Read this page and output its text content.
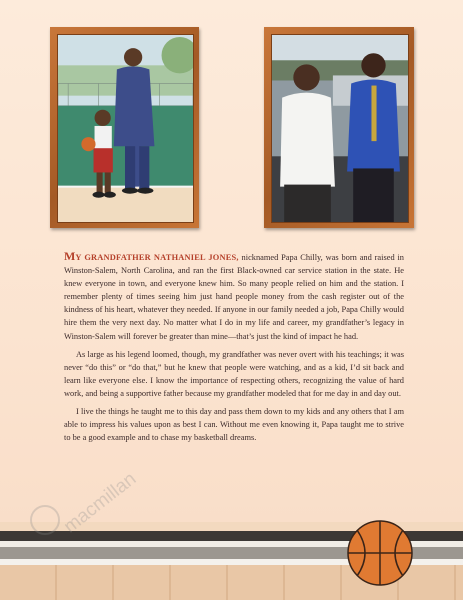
MY GRANDFATHER NATHANIEL JONES, nicknamed Papa Chilly, was born and raised in Winston-Salem, North Carolina, and ran the first Black-owned car service station in the state. He knew everyone in town, and everyone knew him. So many people relied on him and the station. I remember plenty of times seeing him just hand people money from the cash register out of the kindness of his heart, whatever they needed. If anyone in our family needed a job, Papa Chilly would hire them the very next day. No matter what I do in my life and career, my grandfather’s legacy in Winston-Salem will forever be greater than mine—that’s just the kind of impact he had.

As large as his legend loomed, though, my grandfather was never overt with his teachings; it was never “do this” or “do that,” but he knew that people were watching, and as a kid, I’d sit back and learn like everyone else. I know the importance of respecting others, recognizing the value of hard work, and being a supportive father because my grandfather modeled that for me day in and day out.

I live the things he taught me to this day and pass them down to my kids and any others that I am able to impress his values upon as best I can. Without me even knowing it, Papa taught me to strive to be a good example and to chase my basketball dreams.

macmillan
